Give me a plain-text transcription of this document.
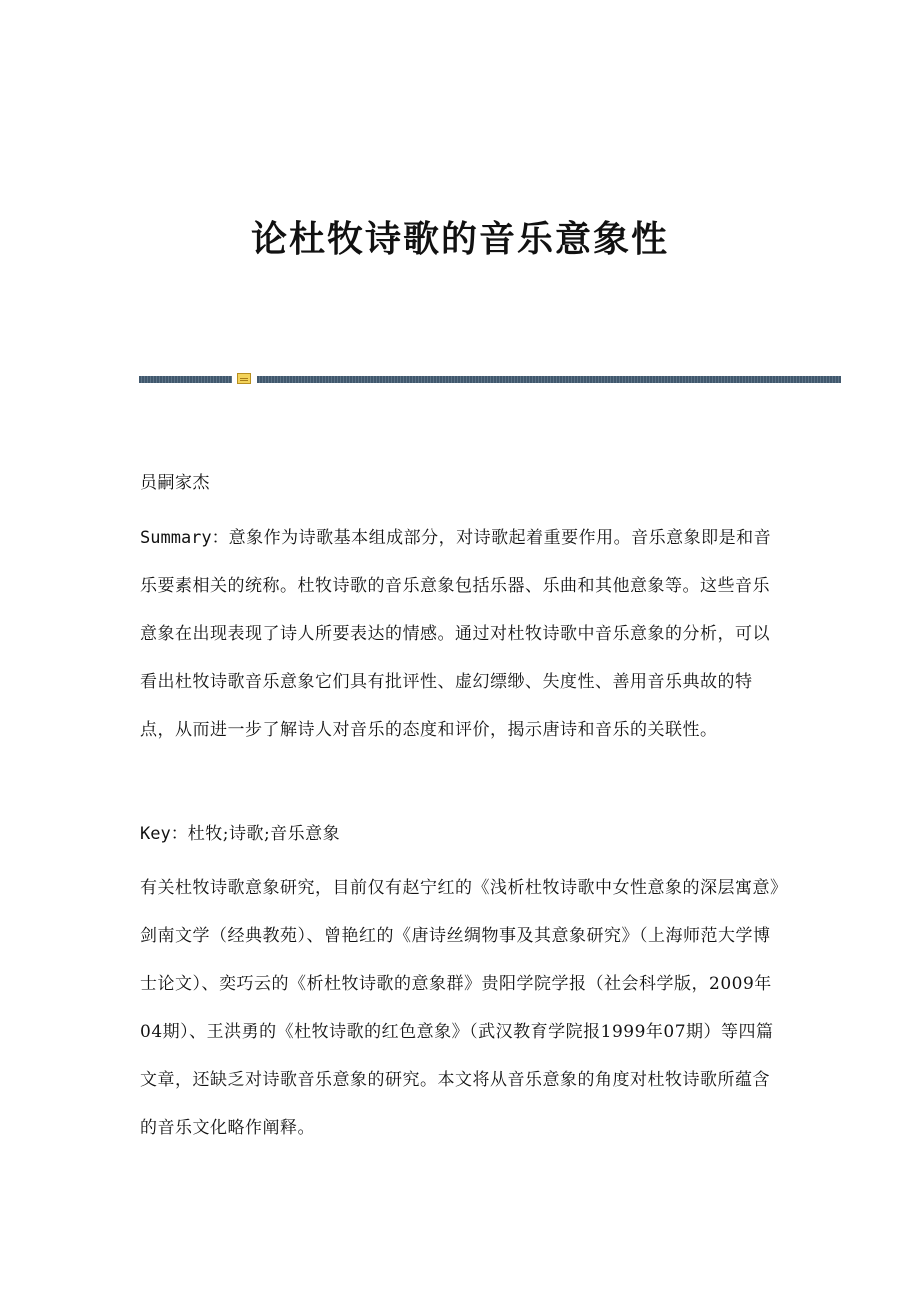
论杜牧诗歌的音乐意象性
员嗣家杰
Summary：意象作为诗歌基本组成部分，对诗歌起着重要作用。音乐意象即是和音乐要素相关的统称。杜牧诗歌的音乐意象包括乐器、乐曲和其他意象等。这些音乐意象在出现表现了诗人所要表达的情感。通过对杜牧诗歌中音乐意象的分析，可以看出杜牧诗歌音乐意象它们具有批评性、虚幻缥缈、失度性、善用音乐典故的特点，从而进一步了解诗人对音乐的态度和评价，揭示唐诗和音乐的关联性。
Key：杜牧;诗歌;音乐意象
有关杜牧诗歌意象研究，目前仅有赵宁红的《浅析杜牧诗歌中女性意象的深层寓意》剑南文学（经典教苑）、曾艳红的《唐诗丝绸物事及其意象研究》（上海师范大学博士论文）、奕巧云的《析杜牧诗歌的意象群》贵阳学院学报（社会科学版，2009年04期）、王洪勇的《杜牧诗歌的红色意象》（武汉教育学院报1999年07期）等四篇文章，还缺乏对诗歌音乐意象的研究。本文将从音乐意象的角度对杜牧诗歌所蕴含的音乐文化略作阐释。
